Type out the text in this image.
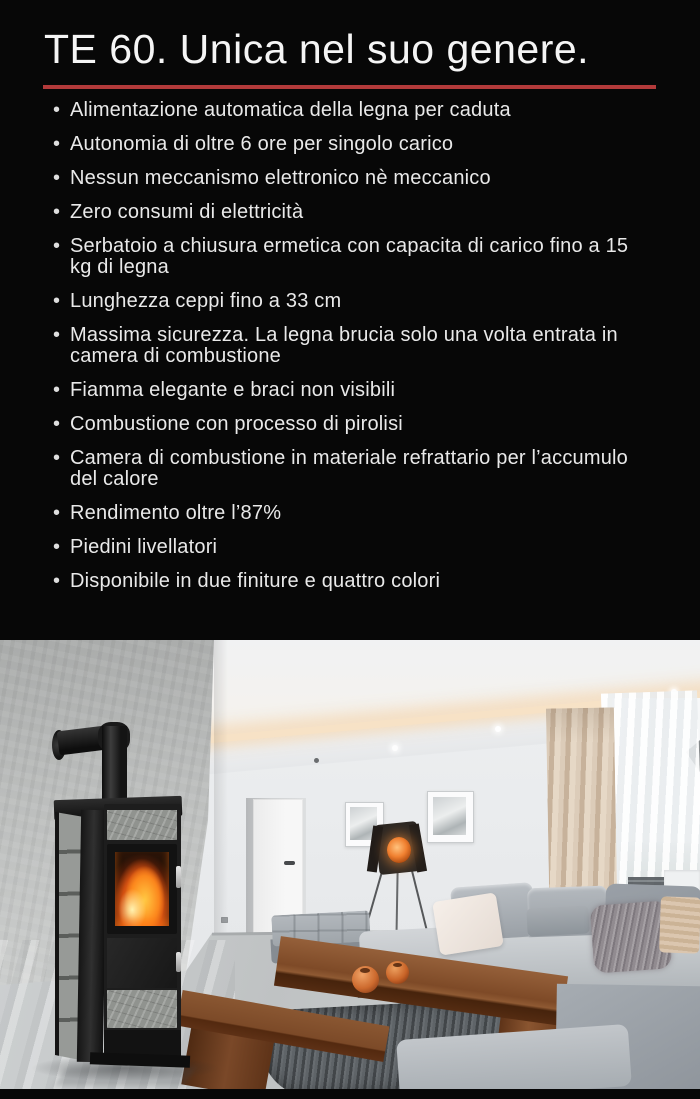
TE 60. Unica nel suo genere.
• Alimentazione automatica della legna per caduta
• Autonomia di oltre 6 ore per singolo carico
• Nessun meccanismo elettronico nè meccanico
• Zero consumi di elettricità
• Serbatoio a chiusura ermetica con capacita di carico fino a 15 kg di legna
• Lunghezza ceppi fino a 33 cm
• Massima sicurezza. La legna brucia solo una volta entrata in camera di combustione
• Fiamma elegante e braci non visibili
• Combustione con processo di pirolisi
• Camera di combustione in materiale refrattario per l’accumulo del calore
• Rendimento oltre l’87%
• Piedini livellatori
• Disponibile in due finiture e quattro colori
